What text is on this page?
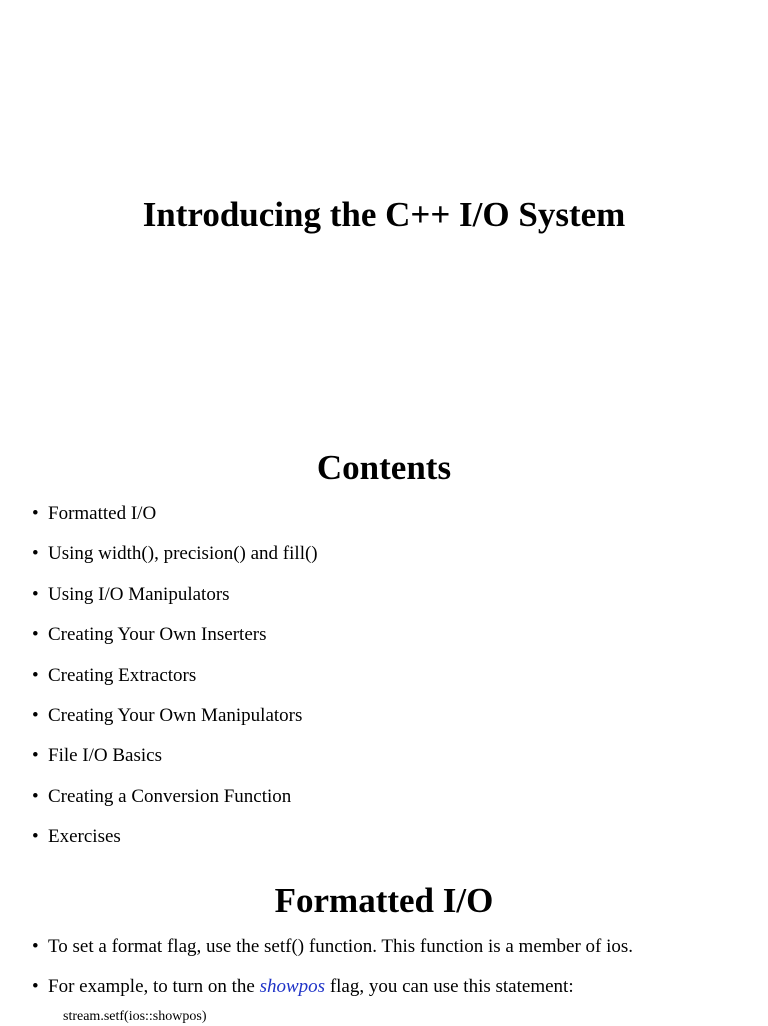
Introducing the C++ I/O System
Contents
• Formatted I/O
• Using width(), precision() and fill()
• Using I/O Manipulators
• Creating Your Own Inserters
• Creating Extractors
• Creating Your Own Manipulators
• File I/O Basics
• Creating a Conversion Function
• Exercises
Formatted I/O
• To set a format flag, use the setf() function. This function is a member of ios.
• For example, to turn on the showpos flag, you can use this statement:
stream.setf(ios::showpos)
